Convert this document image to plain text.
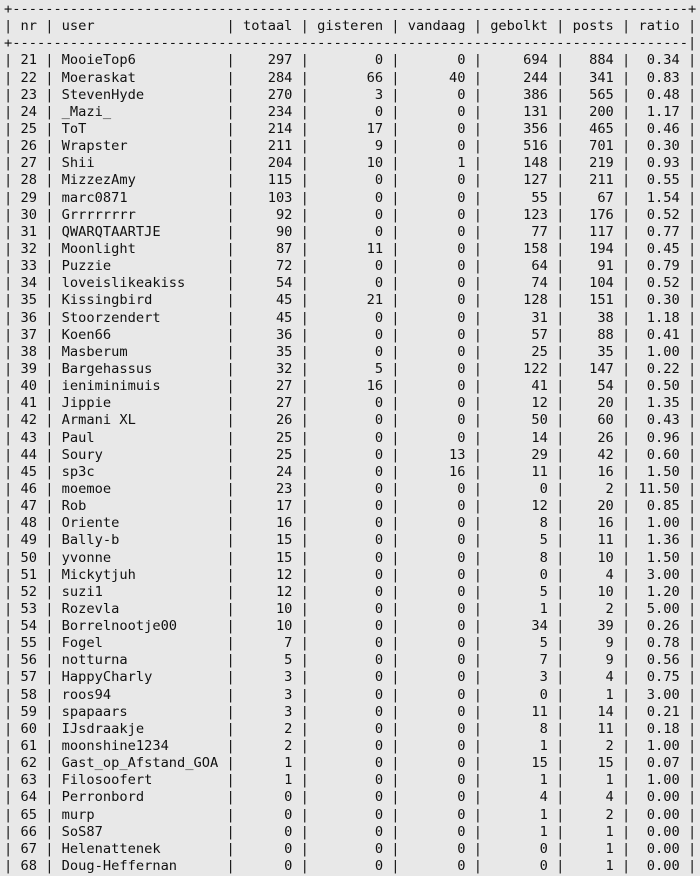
+----------------------------------------------------------------------------------+
| nr | user                | totaal | gisteren | vandaag | gebolkt | posts | ratio |
+----------------------------------------------------------------------------------|
| 21 | MooieTop6           |    297 |        0 |       0 |     694 |   884 |  0.34 |
| 22 | Moeraskat           |    284 |       66 |      40 |     244 |   341 |  0.83 |
| 23 | StevenHyde          |    270 |        3 |       0 |     386 |   565 |  0.48 |
| 24 | _Mazi_              |    234 |        0 |       0 |     131 |   200 |  1.17 |
| 25 | ToT                 |    214 |       17 |       0 |     356 |   465 |  0.46 |
| 26 | Wrapster            |    211 |        9 |       0 |     516 |   701 |  0.30 |
| 27 | Shii                |    204 |       10 |       1 |     148 |   219 |  0.93 |
| 28 | MizzezAmy           |    115 |        0 |       0 |     127 |   211 |  0.55 |
| 29 | marc0871            |    103 |        0 |       0 |      55 |    67 |  1.54 |
| 30 | Grrrrrrrr           |     92 |        0 |       0 |     123 |   176 |  0.52 |
| 31 | QWARQTAARTJE        |     90 |        0 |       0 |      77 |   117 |  0.77 |
| 32 | Moonlight           |     87 |       11 |       0 |     158 |   194 |  0.45 |
| 33 | Puzzie              |     72 |        0 |       0 |      64 |    91 |  0.79 |
| 34 | loveislikeakiss     |     54 |        0 |       0 |      74 |   104 |  0.52 |
| 35 | Kissingbird         |     45 |       21 |       0 |     128 |   151 |  0.30 |
| 36 | Stoorzendert        |     45 |        0 |       0 |      31 |    38 |  1.18 |
| 37 | Koen66              |     36 |        0 |       0 |      57 |    88 |  0.41 |
| 38 | Masberum            |     35 |        0 |       0 |      25 |    35 |  1.00 |
| 39 | Bargehassus         |     32 |        5 |       0 |     122 |   147 |  0.22 |
| 40 | ieniminimuis        |     27 |       16 |       0 |      41 |    54 |  0.50 |
| 41 | Jippie              |     27 |        0 |       0 |      12 |    20 |  1.35 |
| 42 | Armani XL           |     26 |        0 |       0 |      50 |    60 |  0.43 |
| 43 | Paul                |     25 |        0 |       0 |      14 |    26 |  0.96 |
| 44 | Soury               |     25 |        0 |      13 |      29 |    42 |  0.60 |
| 45 | sp3c                |     24 |        0 |      16 |      11 |    16 |  1.50 |
| 46 | moemoe              |     23 |        0 |       0 |       0 |     2 | 11.50 |
| 47 | Rob                 |     17 |        0 |       0 |      12 |    20 |  0.85 |
| 48 | Oriente             |     16 |        0 |       0 |       8 |    16 |  1.00 |
| 49 | Bally-b             |     15 |        0 |       0 |       5 |    11 |  1.36 |
| 50 | yvonne              |     15 |        0 |       0 |       8 |    10 |  1.50 |
| 51 | Mickytjuh           |     12 |        0 |       0 |       0 |     4 |  3.00 |
| 52 | suzi1               |     12 |        0 |       0 |       5 |    10 |  1.20 |
| 53 | Rozevla             |     10 |        0 |       0 |       1 |     2 |  5.00 |
| 54 | Borrelnootje00      |     10 |        0 |       0 |      34 |    39 |  0.26 |
| 55 | Fogel               |      7 |        0 |       0 |       5 |     9 |  0.78 |
| 56 | notturna            |      5 |        0 |       0 |       7 |     9 |  0.56 |
| 57 | HappyCharly         |      3 |        0 |       0 |       3 |     4 |  0.75 |
| 58 | roos94              |      3 |        0 |       0 |       0 |     1 |  3.00 |
| 59 | spapaars            |      3 |        0 |       0 |      11 |    14 |  0.21 |
| 60 | IJsdraakje          |      2 |        0 |       0 |       8 |    11 |  0.18 |
| 61 | moonshine1234       |      2 |        0 |       0 |       1 |     2 |  1.00 |
| 62 | Gast_op_Afstand_GOA |      1 |        0 |       0 |      15 |    15 |  0.07 |
| 63 | Filosoofert         |      1 |        0 |       0 |       1 |     1 |  1.00 |
| 64 | Perronbord          |      0 |        0 |       0 |       4 |     4 |  0.00 |
| 65 | murp                |      0 |        0 |       0 |       1 |     2 |  0.00 |
| 66 | SoS87               |      0 |        0 |       0 |       1 |     1 |  0.00 |
| 67 | Helenattenek        |      0 |        0 |       0 |       0 |     1 |  0.00 |
| 68 | Doug-Heffernan      |      0 |        0 |       0 |       0 |     1 |  0.00 |
